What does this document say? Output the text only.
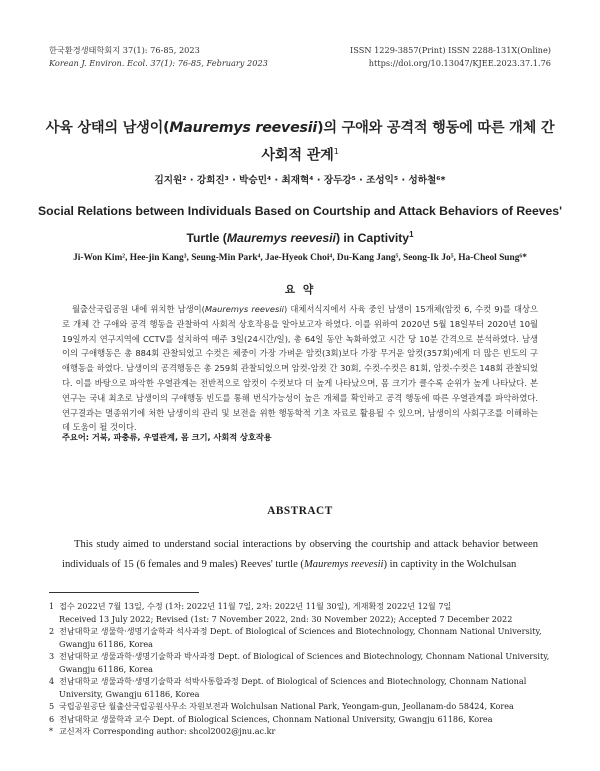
한국환경생태학회지 37(1): 76-85, 2023
Korean J. Environ. Ecol. 37(1): 76-85, February 2023
ISSN 1229-3857(Print) ISSN 2288-131X(Online)
https://doi.org/10.13047/KJEE.2023.37.1.76
사육 상태의 남생이(Mauremys reevesii)의 구애와 공격적 행동에 따른 개체 간
사회적 관계$^1$
김지원² · 강희진³ · 박승민⁴ · 최재혁⁴ · 장두강⁵ · 조성익⁵ · 성하철⁶*
Social Relations between Individuals Based on Courtship and Attack Behaviors of Reeves'
Turtle (Mauremys reevesii) in Captivity$^1$
Ji-Won Kim², Hee-jin Kang³, Seung-Min Park⁴, Jae-Hyeok Choi⁴, Du-Kang Jang⁵, Seong-Ik Jo⁵, Ha-Cheol Sung⁶*
요 약
월출산국립공원 내에 위치한 남생이(Mauremys reevesii) 대체서식지에서 사육 중인 남생이 15개체(암컷 6, 수컷 9)를 대상으로 개체 간 구애와 공격 행동을 관찰하여 사회적 상호작용을 알아보고자 하였다. 이를 위하여 2020년 5월 18일부터 2020년 10월 19일까지 연구지역에 CCTV를 설치하여 매주 3일(24시간/일), 총 64일 동안 녹화하였고 시간 당 10분 간격으로 분석하였다. 남생이의 구애행동은 총 884회 관찰되었고 수컷은 체중이 가장 가벼운 암컷(3회)보다 가장 무거운 암컷(357회)에게 더 많은 빈도의 구애행동을 하였다. 남생이의 공격행동은 총 259회 관찰되었으며 암컷-암컷 간 30회, 수컷-수컷은 81회, 암컷-수컷은 148회 관찰되었다. 이를 바탕으로 파악한 우열관계는 전반적으로 암컷이 수컷보다 더 높게 나타났으며, 몸 크기가 클수록 순위가 높게 나타났다. 본 연구는 국내 최초로 남생이의 구애행동 빈도를 통해 번식가능성이 높은 개체를 확인하고 공격 행동에 따른 우열관계를 파악하였다. 연구결과는 멸종위기에 처한 남생이의 관리 및 보전을 위한 행동학적 기초 자료로 활용될 수 있으며, 남생이의 사회구조를 이해하는 데 도움이 될 것이다.
주요어: 거북, 파충류, 우열관계, 몸 크기, 사회적 상호작용
ABSTRACT
This study aimed to understand social interactions by observing the courtship and attack behavior between individuals of 15 (6 females and 9 males) Reeves' turtle (Mauremys reevesii) in captivity in the Wolchulsan
1 접수 2022년 7월 13일, 수정 (1차: 2022년 11월 7일, 2차: 2022년 11월 30일), 게재확정 2022년 12월 7일
Received 13 July 2022; Revised (1st: 7 November 2022, 2nd: 30 November 2022); Accepted 7 December 2022
2 전남대학교 생물학·생명기술학과 석사과정 Dept. of Biological of Sciences and Biotechnology, Chonnam National University, Gwangju 61186, Korea
3 전남대학교 생물과학·생명기술학과 박사과정 Dept. of Biological of Sciences and Biotechnology, Chonnam National University, Gwangju 61186, Korea
4 전남대학교 생물과학·생명기술학과 석박사통합과정 Dept. of Biological of Sciences and Biotechnology, Chonnam National University, Gwangju 61186, Korea
5 국립공원공단 월출산국립공원사무소 자원보전과 Wolchulsan National Park, Yeongam-gun, Jeollanam-do 58424, Korea
6 전남대학교 생물학과 교수 Dept. of Biological Sciences, Chonnam National University, Gwangju 61186, Korea
* 교신저자 Corresponding author: shcol2002@jnu.ac.kr
